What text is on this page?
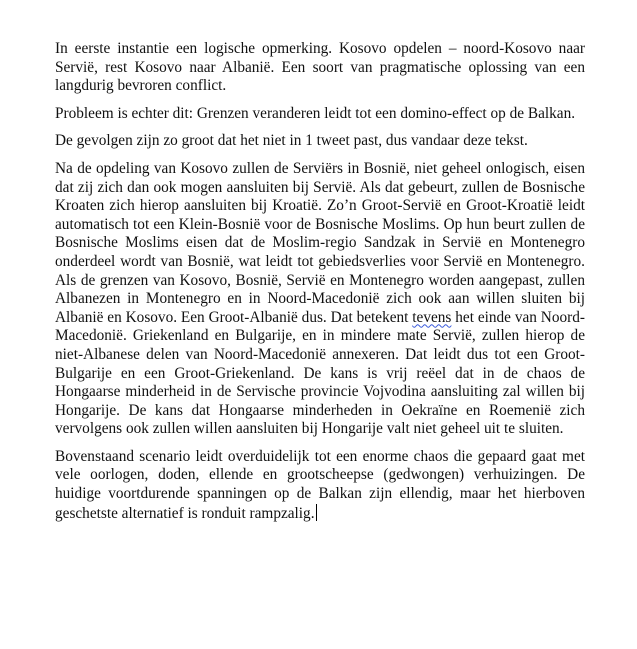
In eerste instantie een logische opmerking. Kosovo opdelen – noord-Kosovo naar Servië, rest Kosovo naar Albanië. Een soort van pragmatische oplossing van een langdurig bevroren conflict.

Probleem is echter dit: Grenzen veranderen leidt tot een domino-effect op de Balkan.

De gevolgen zijn zo groot dat het niet in 1 tweet past, dus vandaar deze tekst.

Na de opdeling van Kosovo zullen de Serviërs in Bosnië, niet geheel onlogisch, eisen dat zij zich dan ook mogen aansluiten bij Servië. Als dat gebeurt, zullen de Bosnische Kroaten zich hierop aansluiten bij Kroatië. Zo’n Groot-Servië en Groot-Kroatië leidt automatisch tot een Klein-Bosnië voor de Bosnische Moslims. Op hun beurt zullen de Bosnische Moslims eisen dat de Moslim-regio Sandzak in Servië en Montenegro onderdeel wordt van Bosnië, wat leidt tot gebiedsverlies voor Servië en Montenegro. Als de grenzen van Kosovo, Bosnië, Servië en Montenegro worden aangepast, zullen Albanezen in Montenegro en in Noord-Macedonië zich ook aan willen sluiten bij Albanië en Kosovo. Een Groot-Albanië dus. Dat betekent tevens het einde van Noord-Macedonië. Griekenland en Bulgarije, en in mindere mate Servië, zullen hierop de niet-Albanese delen van Noord-Macedonië annexeren. Dat leidt dus tot een Groot-Bulgarije en een Groot-Griekenland. De kans is vrij reëel dat in de chaos de Hongaarse minderheid in de Servische provincie Vojvodina aansluiting zal willen bij Hongarije. De kans dat Hongaarse minderheden in Oekraïne en Roemenië zich vervolgens ook zullen willen aansluiten bij Hongarije valt niet geheel uit te sluiten.

Bovenstaand scenario leidt overduidelijk tot een enorme chaos die gepaard gaat met vele oorlogen, doden, ellende en grootscheepse (gedwongen) verhuizingen. De huidige voortdurende spanningen op de Balkan zijn ellendig, maar het hierboven geschetste alternatief is ronduit rampzalig.
